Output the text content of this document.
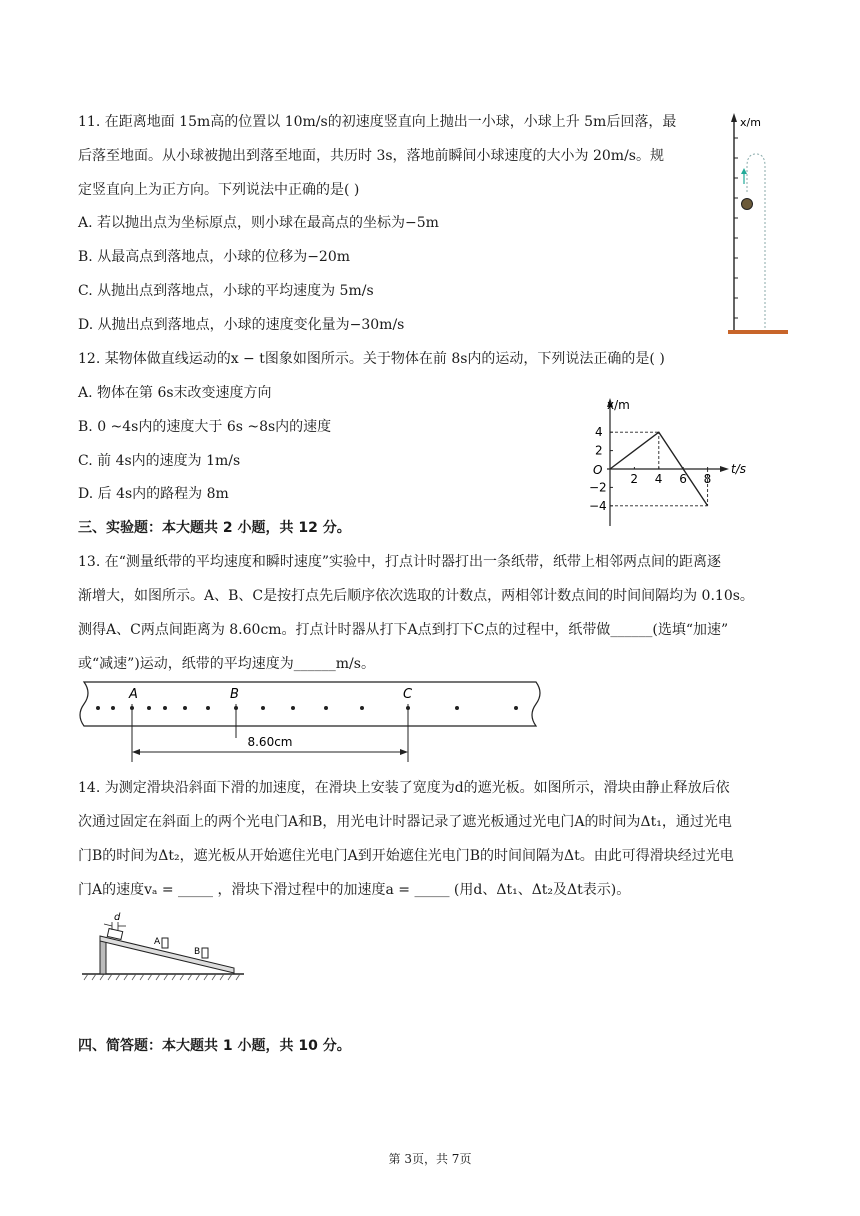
11. 在距离地面 15m高的位置以 10m/s的初速度竖直向上抛出一小球，小球上升 5m后回落，最
后落至地面。从小球被抛出到落至地面，共历时 3s，落地前瞬间小球速度的大小为 20m/s。规
定竖直向上为正方向。下列说法中正确的是( )
A. 若以抛出点为坐标原点，则小球在最高点的坐标为−5m
B. 从最高点到落地点，小球的位移为−20m
C. 从抛出点到落地点，小球的平均速度为 5m/s
D. 从抛出点到落地点，小球的速度变化量为−30m/s
x/m
12. 某物体做直线运动的x − t图象如图所示。关于物体在前 8s内的运动，下列说法正确的是( )
A. 物体在第 6s末改变速度方向
B. 0 ~4s内的速度大于 6s ~8s内的速度
C. 前 4s内的速度为 1m/s
D. 后 4s内的路程为 8m
x/m
t/s
O
2 4 6 8
4
2
−2
−4
三、实验题：本大题共 2 小题，共 12 分。
13. 在“测量纸带的平均速度和瞬时速度”实验中，打点计时器打出一条纸带，纸带上相邻两点间的距离逐
渐增大，如图所示。A、B、C是按打点先后顺序依次选取的计数点，两相邻计数点间的时间间隔均为 0.10s。
测得A、C两点间距离为 8.60cm。打点计时器从打下A点到打下C点的过程中，纸带做______(选填“加速”
或“减速”)运动，纸带的平均速度为______m/s。
A	B	C
8.60cm
14. 为测定滑块沿斜面下滑的加速度，在滑块上安装了宽度为d的遮光板。如图所示，滑块由静止释放后依
次通过固定在斜面上的两个光电门A和B，用光电计时器记录了遮光板通过光电门A的时间为Δt₁，通过光电
门B的时间为Δt₂，遮光板从开始遮住光电门A到开始遮住光电门B的时间间隔为Δt。由此可得滑块经过光电
门A的速度vₐ = _____ ，滑块下滑过程中的加速度a = _____ (用d、Δt₁、Δt₂及Δt表示)。
d
A
B
四、简答题：本大题共 1 小题，共 10 分。
第 3页，共 7页
